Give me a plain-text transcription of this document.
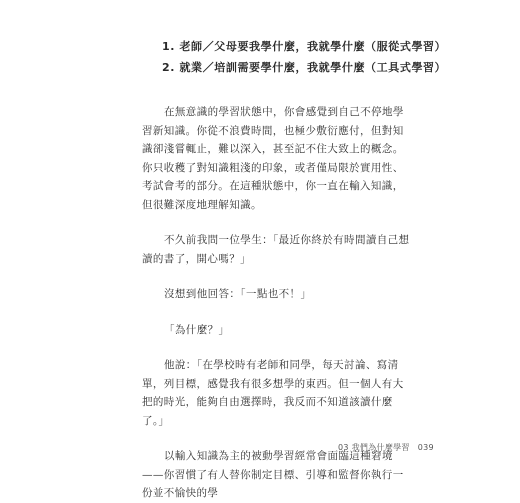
1. 老師／父母要我學什麼，我就學什麼（服從式學習）
2. 就業／培訓需要學什麼，我就學什麼（工具式學習）

在無意識的學習狀態中，你會感覺到自己不停地學習新知識。你從不浪費時間，也極少敷衍應付，但對知識卻淺嘗輒止，難以深入，甚至記不住大致上的概念。你只收穫了對知識粗淺的印象，或者僅局限於實用性、考試會考的部分。在這種狀態中，你一直在輸入知識，但很難深度地理解知識。

不久前我問一位學生：「最近你終於有時間讀自己想讀的書了，開心嗎？」

沒想到他回答：「一點也不！」

「為什麼？」

他說：「在學校時有老師和同學，每天討論、寫清單，列目標，感覺我有很多想學的東西。但一個人有大把的時光，能夠自由選擇時，我反而不知道該讀什麼了。」

以輸入知識為主的被動學習經常會面臨這種窘境——你習慣了有人替你制定目標、引導和監督你執行一份並不愉快的學

03 我們為什麼學習 039
